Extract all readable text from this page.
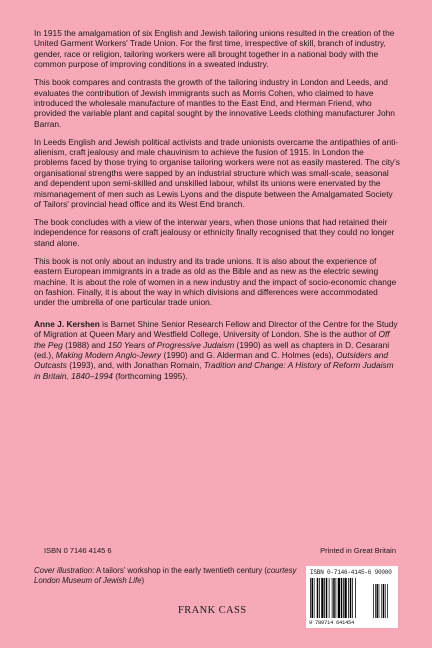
In 1915 the amalgamation of six English and Jewish tailoring unions resulted in the creation of the United Garment Workers' Trade Union. For the first time, irrespective of skill, branch of industry, gender, race or religion, tailoring workers were all brought together in a national body with the common purpose of improving conditions in a sweated industry.

This book compares and contrasts the growth of the tailoring industry in London and Leeds, and evaluates the contribution of Jewish immigrants such as Morris Cohen, who claimed to have introduced the wholesale manufacture of mantles to the East End, and Herman Friend, who provided the variable plant and capital sought by the innovative Leeds clothing manufacturer John Barran.

In Leeds English and Jewish political activists and trade unionists overcame the antipathies of anti-alienism, craft jealousy and male chauvinism to achieve the fusion of 1915. In London the problems faced by those trying to organise tailoring workers were not as easily mastered. The city's organisational strengths were sapped by an industrial structure which was small-scale, seasonal and dependent upon semi-skilled and unskilled labour, whilst its unions were enervated by the mismanagement of men such as Lewis Lyons and the dispute between the Amalgamated Society of Tailors' provincial head office and its West End branch.

The book concludes with a view of the interwar years, when those unions that had retained their independence for reasons of craft jealousy or ethnicity finally recognised that they could no longer stand alone.

This book is not only about an industry and its trade unions. It is also about the experience of eastern European immigrants in a trade as old as the Bible and as new as the electric sewing machine. It is about the role of women in a new industry and the impact of socio-economic change on fashion. Finally, it is about the way in which divisions and differences were accommodated under the umbrella of one particular trade union.

Anne J. Kershen is Barnet Shine Senior Research Fellow and Director of the Centre for the Study of Migration at Queen Mary and Westfield College, University of London. She is the author of Off the Peg (1988) and 150 Years of Progressive Judaism (1990) as well as chapters in D. Cesarani (ed.), Making Modern Anglo-Jewry (1990) and G. Alderman and C. Holmes (eds), Outsiders and Outcasts (1993), and, with Jonathan Romain, Tradition and Change: A History of Reform Judaism in Britain, 1840–1994 (forthcoming 1995).

ISBN 0 7146 4145 6	Printed in Great Britain
Cover illustration: A tailors' workshop in the early twentieth century (courtesy London Museum of Jewish Life)
FRANK CASS
ISBN 0-7146-4145-6 90000
9 780714 641454
